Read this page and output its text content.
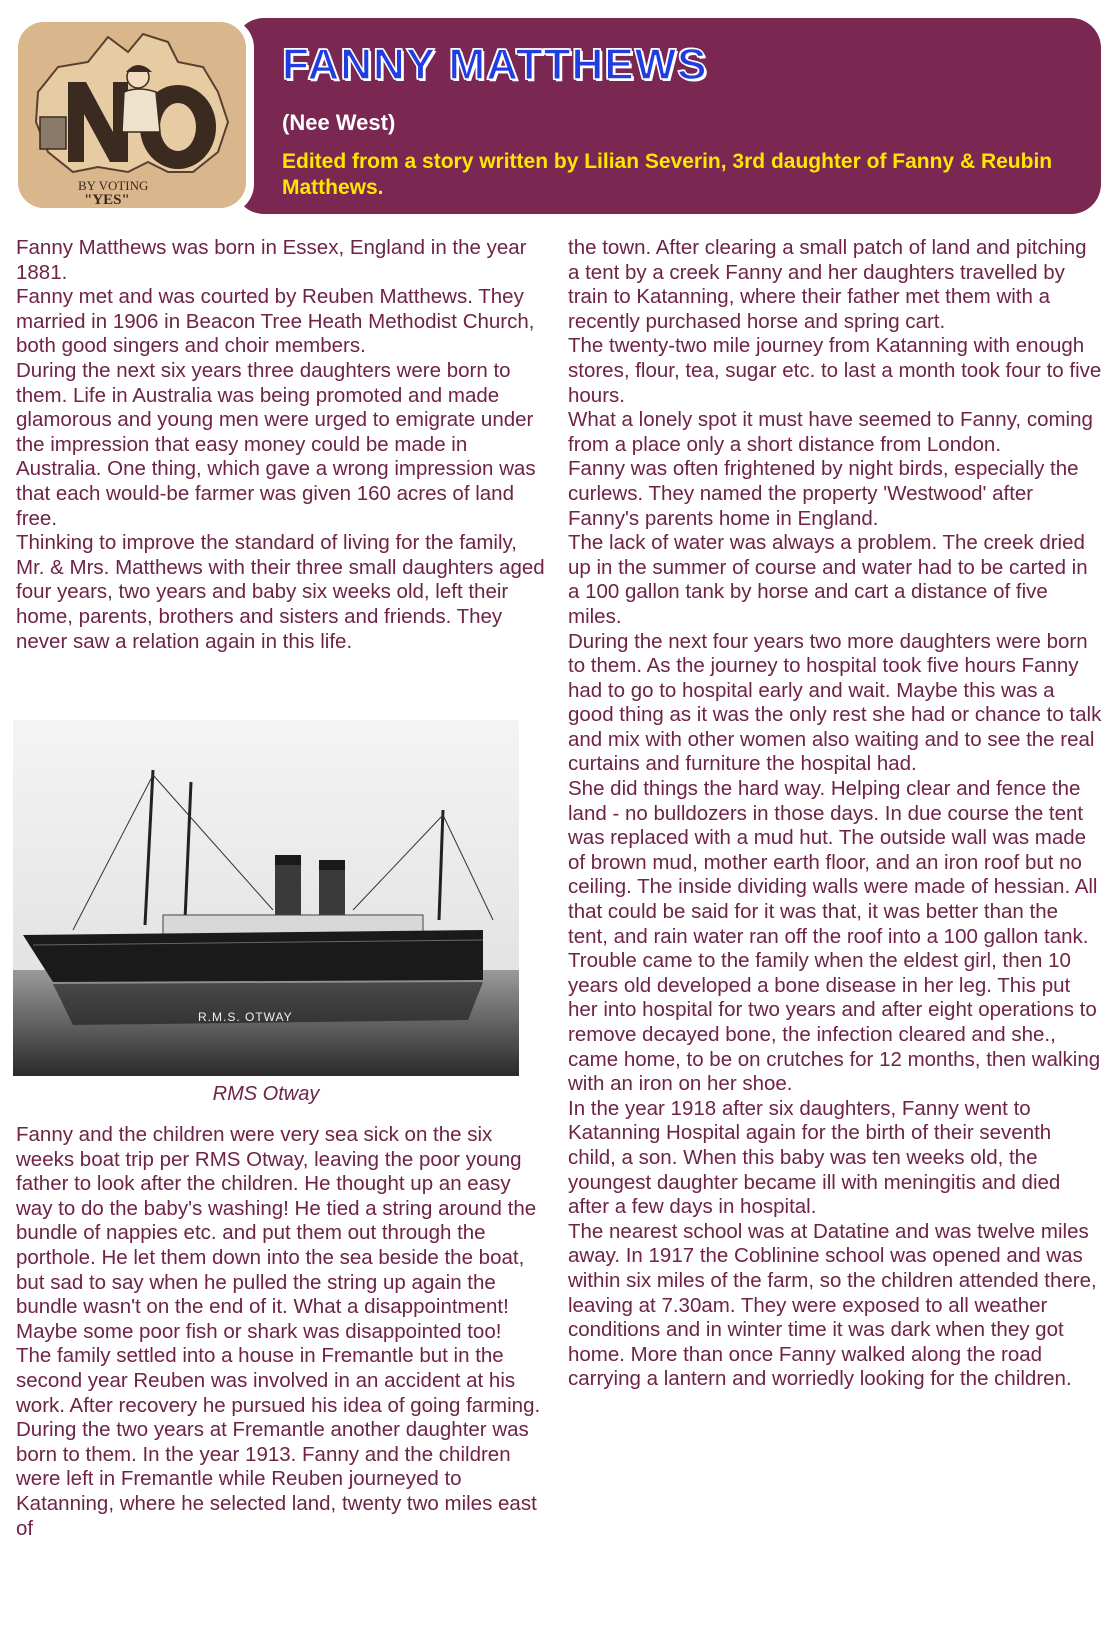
BY VOTING
"YES"
FANNY MATTHEWS
(Nee West)
Edited from a story written by Lilian Severin, 3rd daughter of Fanny & Reubin Matthews.

Fanny Matthews was born in Essex, England in the year 1881.

Fanny met and was courted by Reuben Matthews. They married in 1906 in Beacon Tree Heath Methodist Church, both good singers and choir members.

During the next six years three daughters were born to them. Life in Australia was being promoted and made glamorous and young men were urged to emigrate under the impression that easy money could be made in Australia. One thing, which gave a wrong impression was that each would-be farmer was given 160 acres of land free.

Thinking to improve the standard of living for the family, Mr. & Mrs. Matthews with their three small daughters aged four years, two years and baby six weeks old, left their home, parents, brothers and sisters and friends. They never saw a relation again in this life.

R.M.S. OTWAY
RMS Otway

Fanny and the children were very sea sick on the six weeks boat trip per RMS Otway, leaving the poor young father to look after the children. He thought up an easy way to do the baby's washing! He tied a string around the bundle of nappies etc. and put them out through the porthole. He let them down into the sea beside the boat, but sad to say when he pulled the string up again the bundle wasn't on the end of it. What a disappointment! Maybe some poor fish or shark was disappointed too!

The family settled into a house in Fremantle but in the second year Reuben was involved in an accident at his work. After recovery he pursued his idea of going farming. During the two years at Fremantle another daughter was born to them. In the year 1913. Fanny and the children were left in Fremantle while Reuben journeyed to Katanning, where he selected land, twenty two miles east of

the town. After clearing a small patch of land and pitching a tent by a creek Fanny and her daughters travelled by train to Katanning, where their father met them with a recently purchased horse and spring cart.

The twenty-two mile journey from Katanning with enough stores, flour, tea, sugar etc. to last a month took four to five hours.

What a lonely spot it must have seemed to Fanny, coming from a place only a short distance from London.

Fanny was often frightened by night birds, especially the curlews. They named the property 'Westwood' after Fanny's parents home in England.

The lack of water was always a problem. The creek dried up in the summer of course and water had to be carted in a 100 gallon tank by horse and cart a distance of five miles.

During the next four years two more daughters were born to them. As the journey to hospital took five hours Fanny had to go to hospital early and wait. Maybe this was a good thing as it was the only rest she had or chance to talk and mix with other women also waiting and to see the real curtains and furniture the hospital had.

She did things the hard way. Helping clear and fence the land - no bulldozers in those days. In due course the tent was replaced with a mud hut. The outside wall was made of brown mud, mother earth floor, and an iron roof but no ceiling. The inside dividing walls were made of hessian. All that could be said for it was that, it was better than the tent, and rain water ran off the roof into a 100 gallon tank.

Trouble came to the family when the eldest girl, then 10 years old developed a bone disease in her leg. This put her into hospital for two years and after eight operations to remove decayed bone, the infection cleared and she., came home, to be on crutches for 12 months, then walking with an iron on her shoe.

In the year 1918 after six daughters, Fanny went to Katanning Hospital again for the birth of their seventh child, a son. When this baby was ten weeks old, the youngest daughter became ill with meningitis and died after a few days in hospital.

The nearest school was at Datatine and was twelve miles away. In 1917 the Coblinine school was opened and was within six miles of the farm, so the children attended there, leaving at 7.30am. They were exposed to all weather conditions and in winter time it was dark when they got home. More than once Fanny walked along the road carrying a lantern and worriedly looking for the children.
